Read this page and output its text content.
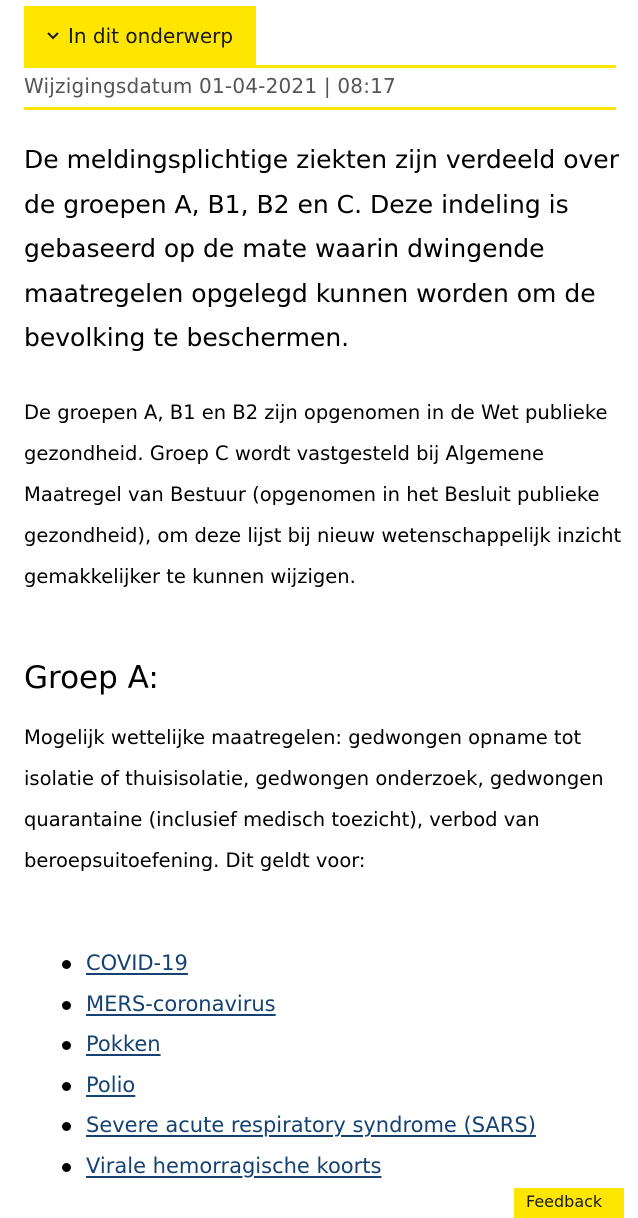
In dit onderwerp
Wijzigingsdatum 01-04-2021 | 08:17

De meldingsplichtige ziekten zijn verdeeld over de groepen A, B1, B2 en C. Deze indeling is gebaseerd op de mate waarin dwingende maatregelen opgelegd kunnen worden om de bevolking te beschermen.

De groepen A, B1 en B2 zijn opgenomen in de Wet publieke gezondheid. Groep C wordt vastgesteld bij Algemene Maatregel van Bestuur (opgenomen in het Besluit publieke gezondheid), om deze lijst bij nieuw wetenschappelijk inzicht gemakkelijker te kunnen wijzigen.

Groep A:

Mogelijk wettelijke maatregelen: gedwongen opname tot isolatie of thuisisolatie, gedwongen onderzoek, gedwongen quarantaine (inclusief medisch toezicht), verbod van beroepsuitoefening. Dit geldt voor:

COVID-19
MERS-coronavirus
Pokken
Polio
Severe acute respiratory syndrome (SARS)
Virale hemorragische koorts
Feedback
